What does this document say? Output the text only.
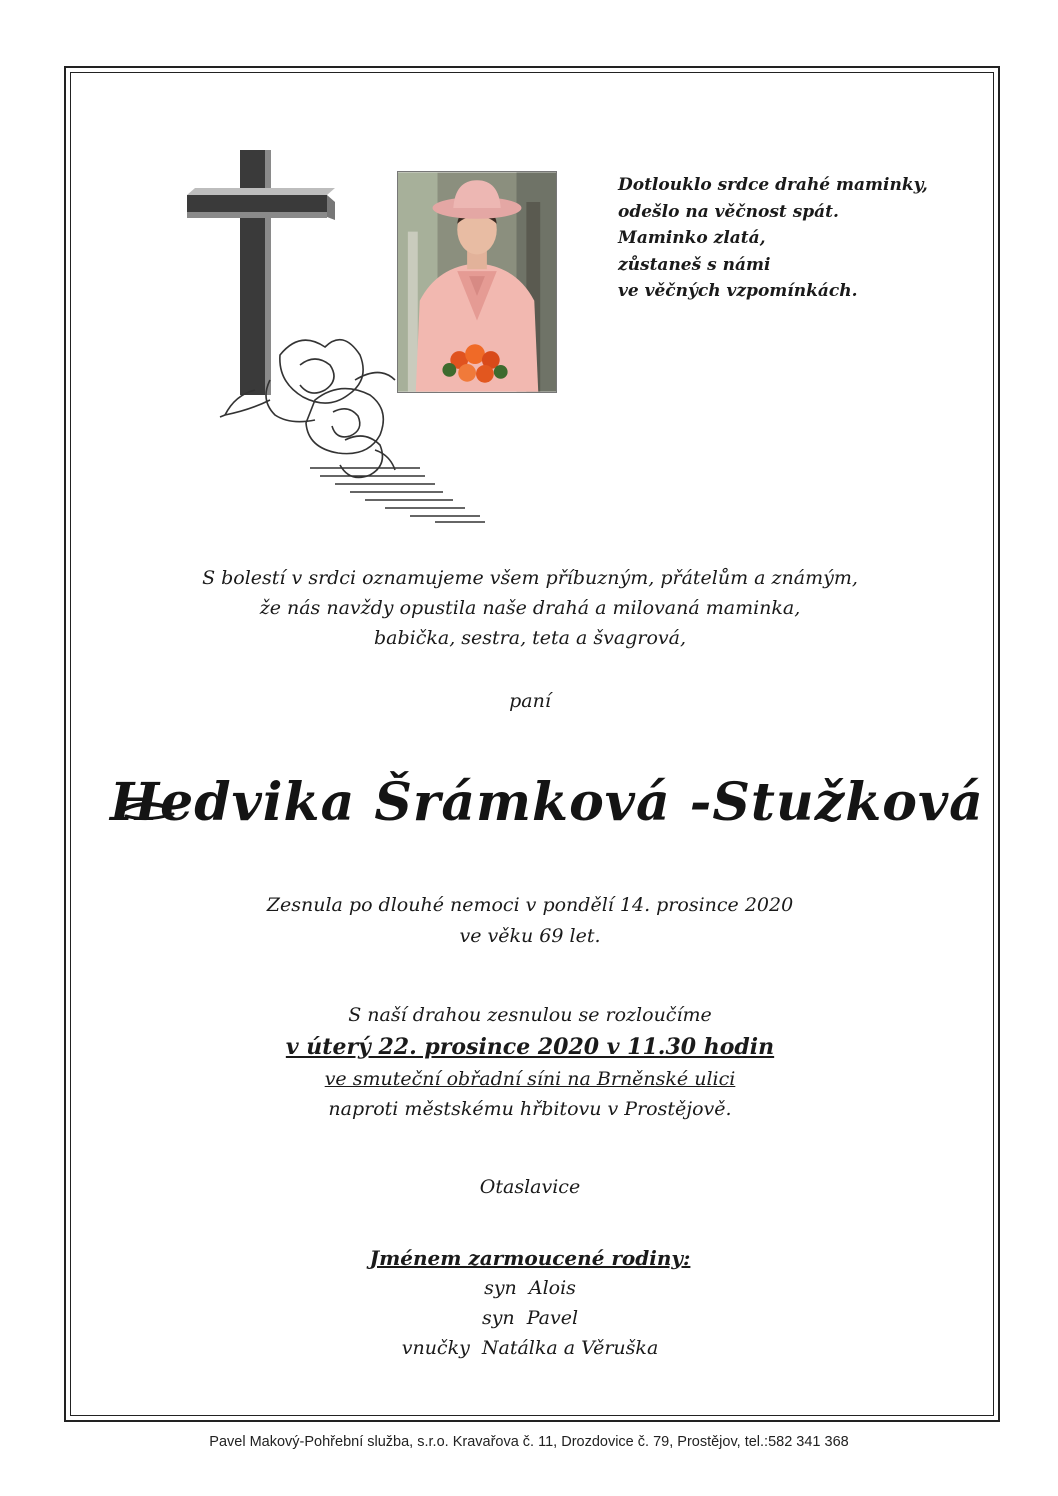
Dotlouklo srdce drahé maminky,
odešlo na věčnost spát.
Maminko zlatá,
zůstaneš s námi
ve věčných vzpomínkách.
S bolestí v srdci oznamujeme všem příbuzným, přátelům a známým,
že nás navždy opustila naše drahá a milovaná maminka,
babička, sestra, teta a švagrová,
paní
Hedvika Šrámková -Stužková
Zesnula po dlouhé nemoci v pondělí 14. prosince 2020
ve věku 69 let.
S naší drahou zesnulou se rozloučíme
v úterý 22. prosince 2020 v 11.30 hodin
ve smuteční obřadní síni na Brněnské ulici
naproti městskému hřbitovu v Prostějově.
Otaslavice
Jménem zarmoucené rodiny:
syn  Alois
syn  Pavel
vnučky  Natálka a Věruška
Pavel Makový-Pohřební služba, s.r.o. Kravařova č. 11, Drozdovice č. 79, Prostějov, tel.:582 341 368
